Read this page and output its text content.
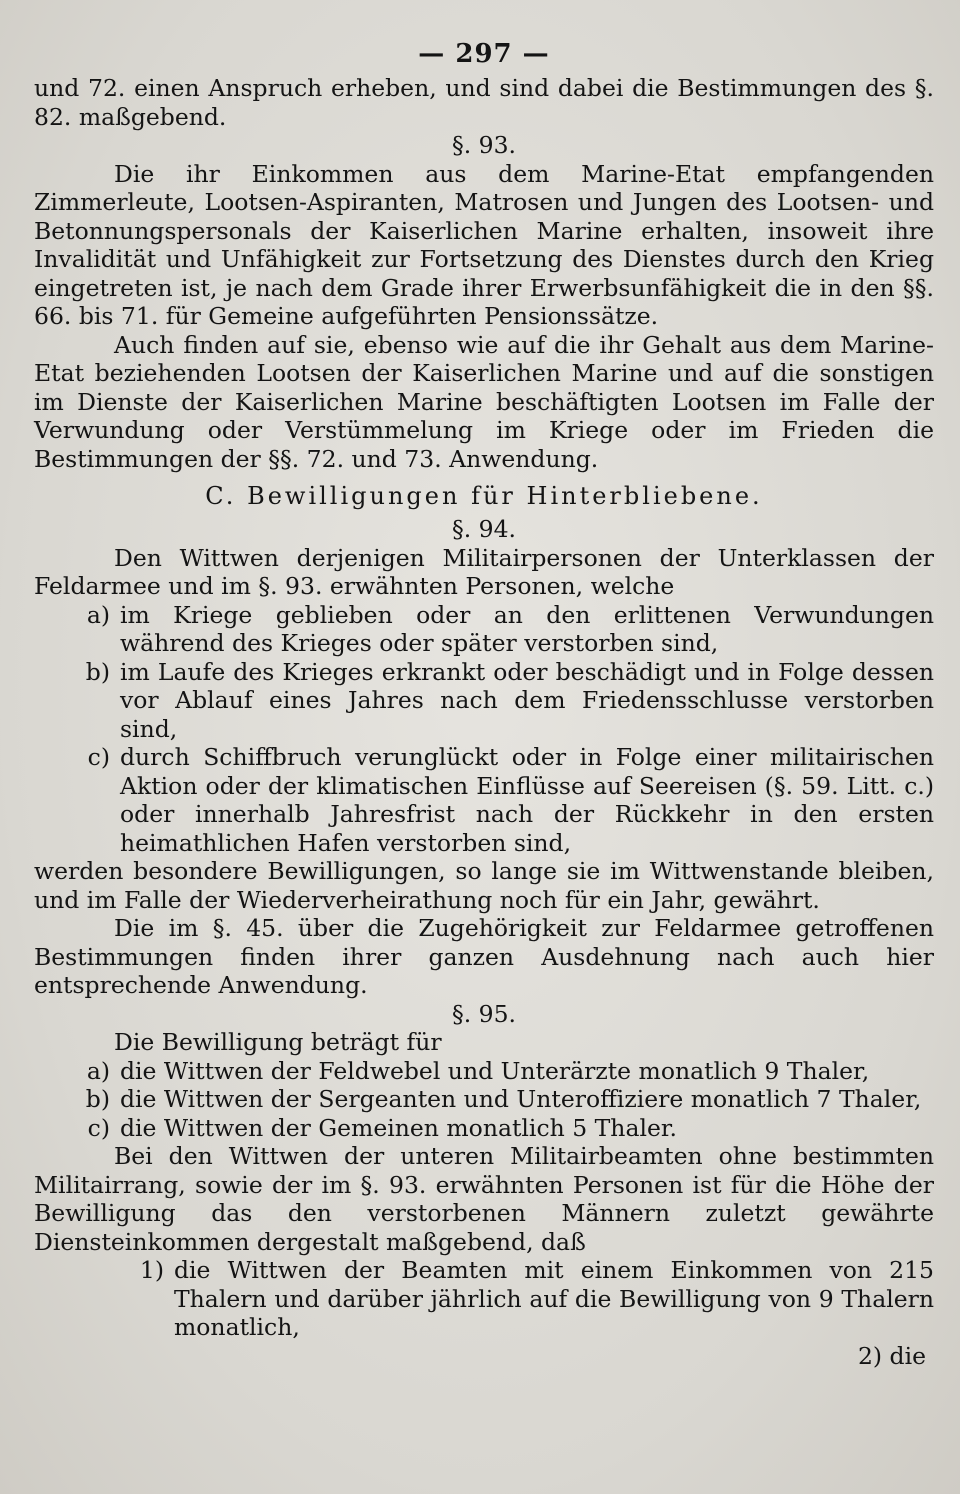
— 297 —
und 72. einen Anspruch erheben, und sind dabei die Bestimmungen des §. 82. maßgebend.
§. 93.
Die ihr Einkommen aus dem Marine-Etat empfangenden Zimmerleute, Lootsen-Aspiranten, Matrosen und Jungen des Lootsen- und Betonnungspersonals der Kaiserlichen Marine erhalten, insoweit ihre Invalidität und Unfähigkeit zur Fortsetzung des Dienstes durch den Krieg eingetreten ist, je nach dem Grade ihrer Erwerbsunfähigkeit die in den §§. 66. bis 71. für Gemeine aufgeführten Pensionssätze.
Auch finden auf sie, ebenso wie auf die ihr Gehalt aus dem Marine-Etat beziehenden Lootsen der Kaiserlichen Marine und auf die sonstigen im Dienste der Kaiserlichen Marine beschäftigten Lootsen im Falle der Verwundung oder Verstümmelung im Kriege oder im Frieden die Bestimmungen der §§. 72. und 73. Anwendung.
C. Bewilligungen für Hinterbliebene.
§. 94.
Den Wittwen derjenigen Militairpersonen der Unterklassen der Feldarmee und im §. 93. erwähnten Personen, welche
a) im Kriege geblieben oder an den erlittenen Verwundungen während des Krieges oder später verstorben sind,
b) im Laufe des Krieges erkrankt oder beschädigt und in Folge dessen vor Ablauf eines Jahres nach dem Friedensschlusse verstorben sind,
c) durch Schiffbruch verunglückt oder in Folge einer militairischen Aktion oder der klimatischen Einflüsse auf Seereisen (§. 59. Litt. c.) oder innerhalb Jahresfrist nach der Rückkehr in den ersten heimathlichen Hafen verstorben sind,
werden besondere Bewilligungen, so lange sie im Wittwenstande bleiben, und im Falle der Wiederverheirathung noch für ein Jahr, gewährt.
Die im §. 45. über die Zugehörigkeit zur Feldarmee getroffenen Bestimmungen finden ihrer ganzen Ausdehnung nach auch hier entsprechende Anwendung.
§. 95.
Die Bewilligung beträgt für
a) die Wittwen der Feldwebel und Unterärzte monatlich 9 Thaler,
b) die Wittwen der Sergeanten und Unteroffiziere monatlich 7 Thaler,
c) die Wittwen der Gemeinen monatlich 5 Thaler.
Bei den Wittwen der unteren Militairbeamten ohne bestimmten Militairrang, sowie der im §. 93. erwähnten Personen ist für die Höhe der Bewilligung das den verstorbenen Männern zuletzt gewährte Diensteinkommen dergestalt maßgebend, daß
1) die Wittwen der Beamten mit einem Einkommen von 215 Thalern und darüber jährlich auf die Bewilligung von 9 Thalern monatlich,
2) die
